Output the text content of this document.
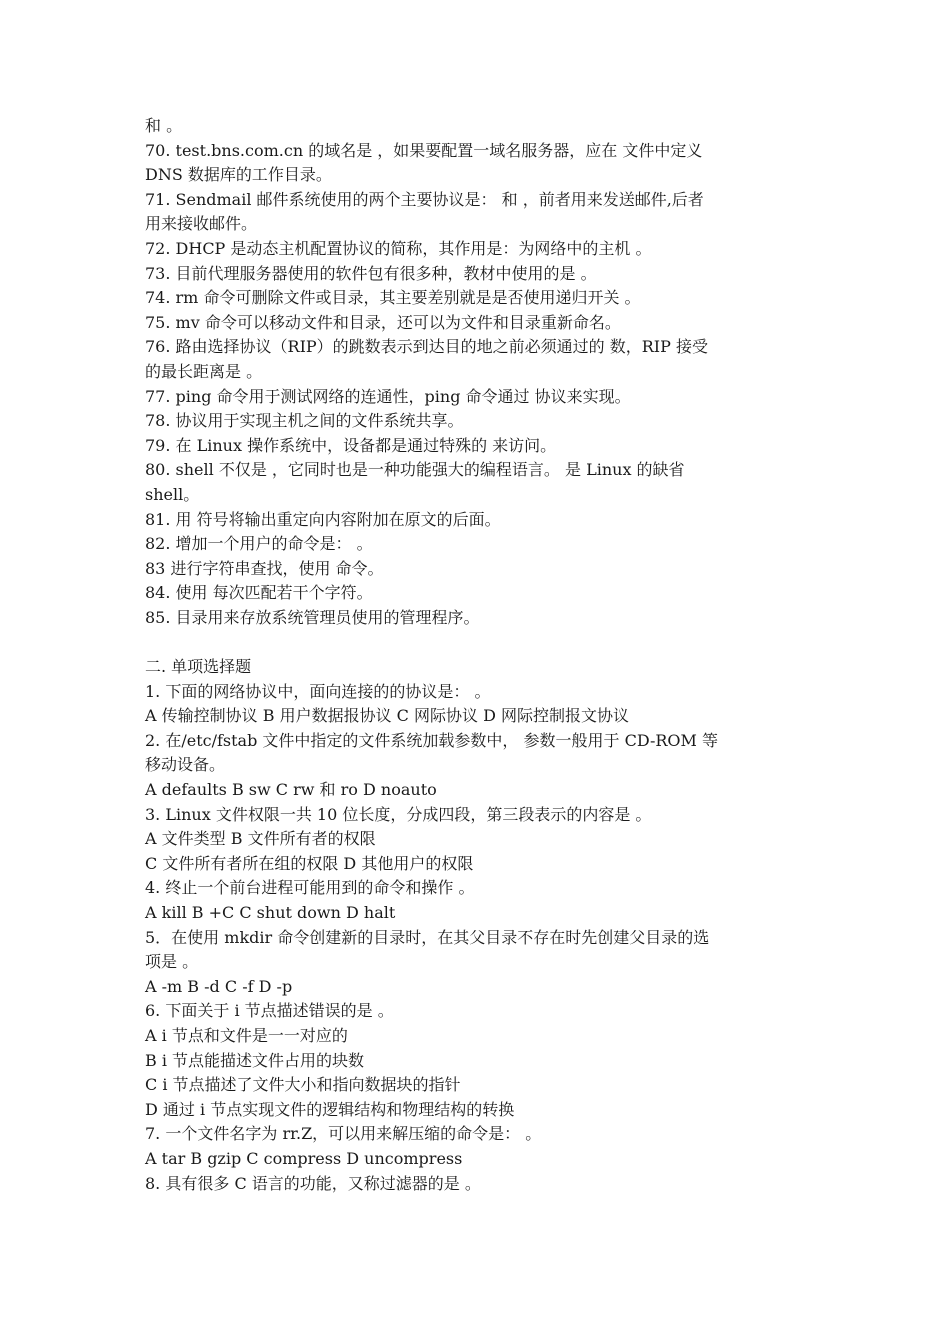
和 。

70. test.bns.com.cn 的域名是 ，如果要配置一域名服务器，应在 文件中定义

DNS 数据库的工作目录。

71. Sendmail 邮件系统使用的两个主要协议是： 和 ，前者用来发送邮件,后者

用来接收邮件。

72. DHCP 是动态主机配置协议的简称，其作用是：为网络中的主机 。

73. 目前代理服务器使用的软件包有很多种，教材中使用的是 。

74. rm 命令可删除文件或目录，其主要差别就是是否使用递归开关 。

75. mv 命令可以移动文件和目录，还可以为文件和目录重新命名。

76. 路由选择协议（RIP）的跳数表示到达目的地之前必须通过的 数，RIP 接受

的最长距离是 。

77. ping 命令用于测试网络的连通性，ping 命令通过 协议来实现。

78. 协议用于实现主机之间的文件系统共享。

79. 在 Linux 操作系统中，设备都是通过特殊的 来访问。

80. shell 不仅是 ，它同时也是一种功能强大的编程语言。 是 Linux 的缺省

shell。

81. 用 符号将输出重定向内容附加在原文的后面。

82. 增加一个用户的命令是： 。

83 进行字符串查找，使用 命令。

84. 使用 每次匹配若干个字符。

85. 目录用来存放系统管理员使用的管理程序。

二. 单项选择题

1. 下面的网络协议中，面向连接的的协议是： 。

A 传输控制协议 B 用户数据报协议 C 网际协议 D 网际控制报文协议

2. 在/etc/fstab 文件中指定的文件系统加载参数中， 参数一般用于 CD-ROM 等

移动设备。

A defaults B sw C rw 和 ro D noauto

3. Linux 文件权限一共 10 位长度，分成四段，第三段表示的内容是 。

A 文件类型 B 文件所有者的权限

C 文件所有者所在组的权限 D 其他用户的权限

4. 终止一个前台进程可能用到的命令和操作 。

A kill B +C C shut down D halt

5．在使用 mkdir 命令创建新的目录时，在其父目录不存在时先创建父目录的选

项是 。

A -m B -d C -f D -p

6. 下面关于 i 节点描述错误的是 。

A i 节点和文件是一一对应的

B i 节点能描述文件占用的块数

C i 节点描述了文件大小和指向数据块的指针

D 通过 i 节点实现文件的逻辑结构和物理结构的转换

7. 一个文件名字为 rr.Z，可以用来解压缩的命令是： 。

A tar B gzip C compress D uncompress

8. 具有很多 C 语言的功能，又称过滤器的是 。
